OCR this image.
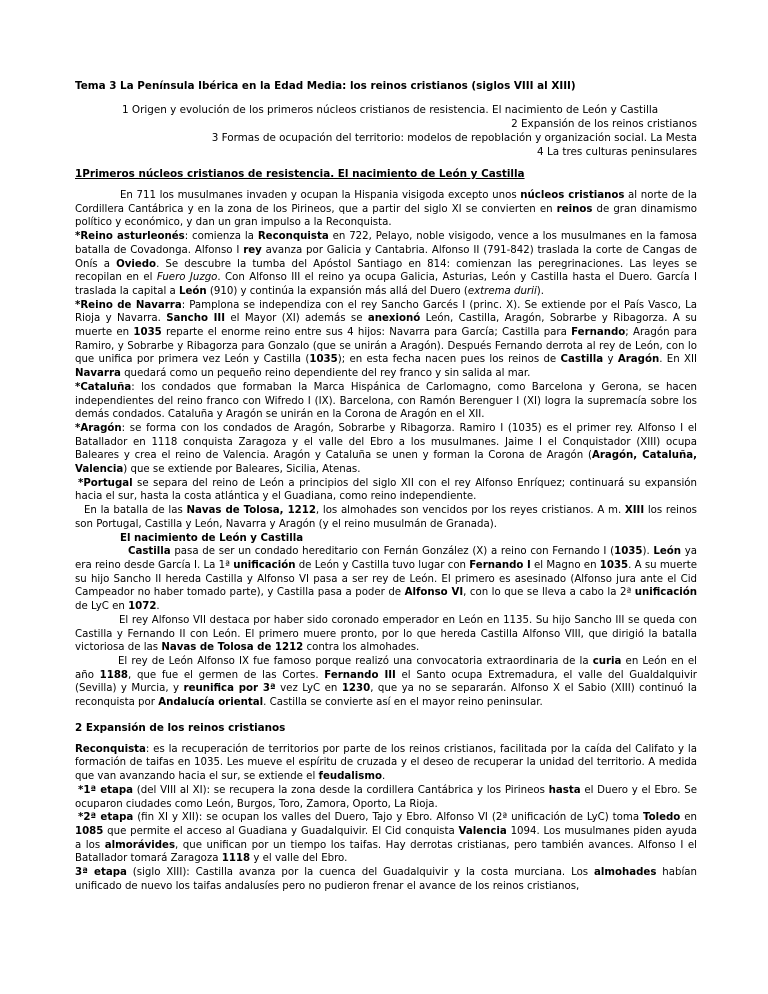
Tema 3 La Península Ibérica en la Edad Media: los reinos cristianos (siglos VIII al XIII)
1 Origen y evolución de los primeros núcleos cristianos de resistencia. El nacimiento de León y Castilla
2 Expansión de los reinos cristianos
3 Formas de ocupación del territorio: modelos de repoblación y organización social. La Mesta
4 La tres culturas peninsulares
1Primeros núcleos cristianos de resistencia. El nacimiento de León y Castilla

En 711 los musulmanes invaden y ocupan la Hispania visigoda excepto unos núcleos cristianos al norte de la Cordillera Cantábrica y en la zona de los Pirineos, que a partir del siglo XI se convierten en reinos de gran dinamismo político y económico, y dan un gran impulso a la Reconquista.

*Reino asturleonés: comienza la Reconquista en 722, Pelayo, noble visigodo, vence a los musulmanes en la famosa batalla de Covadonga. Alfonso I rey avanza por Galicia y Cantabria. Alfonso II (791-842) traslada la corte de Cangas de Onís a Oviedo. Se descubre la tumba del Apóstol Santiago en 814: comienzan las peregrinaciones. Las leyes se recopilan en el Fuero Juzgo. Con Alfonso III el reino ya ocupa Galicia, Asturias, León y Castilla hasta el Duero. García I traslada la capital a León (910) y continúa la expansión más allá del Duero (extrema durii).

*Reino de Navarra: Pamplona se independiza con el rey Sancho Garcés I (princ. X). Se extiende por el País Vasco, La Rioja y Navarra. Sancho III el Mayor (XI) además se anexionó León, Castilla, Aragón, Sobrarbe y Ribagorza. A su muerte en 1035 reparte el enorme reino entre sus 4 hijos: Navarra para García; Castilla para Fernando; Aragón para Ramiro, y Sobrarbe y Ribagorza para Gonzalo (que se unirán a Aragón). Después Fernando derrota al rey de León, con lo que unifica por primera vez León y Castilla (1035); en esta fecha nacen pues los reinos de Castilla y Aragón. En XII Navarra quedará como un pequeño reino dependiente del rey franco y sin salida al mar.

*Cataluña: los condados que formaban la Marca Hispánica de Carlomagno, como Barcelona y Gerona, se hacen independientes del reino franco con Wifredo I (IX). Barcelona, con Ramón Berenguer I (XI) logra la supremacía sobre los demás condados. Cataluña y Aragón se unirán en la Corona de Aragón en el XII.

*Aragón: se forma con los condados de Aragón, Sobrarbe y Ribagorza. Ramiro I (1035) es el primer rey. Alfonso I el Batallador en 1118 conquista Zaragoza y el valle del Ebro a los musulmanes. Jaime I el Conquistador (XIII) ocupa Baleares y crea el reino de Valencia. Aragón y Cataluña se unen y forman la Corona de Aragón (Aragón, Cataluña, Valencia) que se extiende por Baleares, Sicilia, Atenas.

*Portugal se separa del reino de León a principios del siglo XII con el rey Alfonso Enríquez; continuará su expansión hacia el sur, hasta la costa atlántica y el Guadiana, como reino independiente.

En la batalla de las Navas de Tolosa, 1212, los almohades son vencidos por los reyes cristianos. A m. XIII los reinos son Portugal, Castilla y León, Navarra y Aragón (y el reino musulmán de Granada).

El nacimiento de León y Castilla

Castilla pasa de ser un condado hereditario con Fernán González (X) a reino con Fernando I (1035). León ya era reino desde García I. La 1ª unificación de León y Castilla tuvo lugar con Fernando I el Magno en 1035. A su muerte su hijo Sancho II hereda Castilla y Alfonso VI pasa a ser rey de León. El primero es asesinado (Alfonso jura ante el Cid Campeador no haber tomado parte), y Castilla pasa a poder de Alfonso VI, con lo que se lleva a cabo la 2ª unificación de LyC en 1072.

El rey Alfonso VII destaca por haber sido coronado emperador en León en 1135. Su hijo Sancho III se queda con Castilla y Fernando II con León. El primero muere pronto, por lo que hereda Castilla Alfonso VIII, que dirigió la batalla victoriosa de las Navas de Tolosa de 1212 contra los almohades.

El rey de León Alfonso IX fue famoso porque realizó una convocatoria extraordinaria de la curia en León en el año 1188, que fue el germen de las Cortes. Fernando III el Santo ocupa Extremadura, el valle del Gualdalquivir (Sevilla) y Murcia, y reunifica por 3ª vez LyC en 1230, que ya no se separarán. Alfonso X el Sabio (XIII) continuó la reconquista por Andalucía oriental. Castilla se convierte así en el mayor reino peninsular.

2 Expansión de los reinos cristianos

Reconquista: es la recuperación de territorios por parte de los reinos cristianos, facilitada por la caída del Califato y la formación de taifas en 1035. Les mueve el espíritu de cruzada y el deseo de recuperar la unidad del territorio. A medida que van avanzando hacia el sur, se extiende el feudalismo.

*1ª etapa (del VIII al XI): se recupera la zona desde la cordillera Cantábrica y los Pirineos hasta el Duero y el Ebro. Se ocuparon ciudades como León, Burgos, Toro, Zamora, Oporto, La Rioja.

*2ª etapa (fin XI y XII): se ocupan los valles del Duero, Tajo y Ebro. Alfonso VI (2ª unificación de LyC) toma Toledo en 1085 que permite el acceso al Guadiana y Guadalquivir. El Cid conquista Valencia 1094. Los musulmanes piden ayuda a los almorávides, que unifican por un tiempo los taifas. Hay derrotas cristianas, pero también avances. Alfonso I el Batallador tomará Zaragoza 1118 y el valle del Ebro.

3ª etapa (siglo XIII): Castilla avanza por la cuenca del Guadalquivir y la costa murciana. Los almohades habían unificado de nuevo los taifas andalusíes pero no pudieron frenar el avance de los reinos cristianos,
